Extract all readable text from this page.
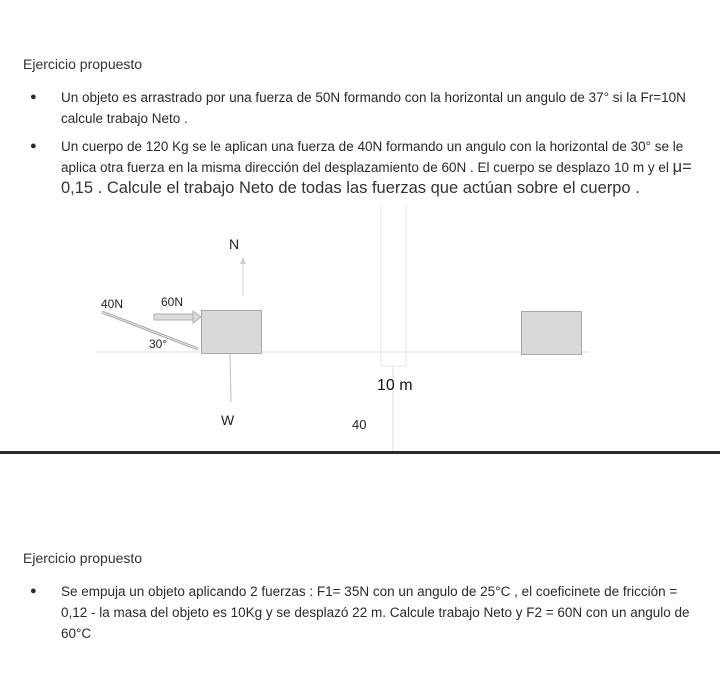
Ejercicio propuesto
● Un objeto es arrastrado por una fuerza de 50N formando con la horizontal un angulo de 37° si la Fr=10N calcule trabajo Neto .
● Un cuerpo de 120 Kg se le aplican una fuerza de 40N formando un angulo con la horizontal de 30° se le aplica otra fuerza en la misma dirección del desplazamiento de 60N . El cuerpo se desplazo 10 m y el μ= 0,15 . Calcule el trabajo Neto de todas las fuerzas que actúan sobre el cuerpo .
N
40N	60N
30°
W
10 m
40
Ejercicio propuesto
● Se empuja un objeto aplicando 2 fuerzas : F1= 35N con un angulo de 25°C , el coeficinete de fricción = 0,12 - la masa del objeto es 10Kg y se desplazó 22 m. Calcule trabajo Neto y F2 = 60N con un angulo de 60°C
